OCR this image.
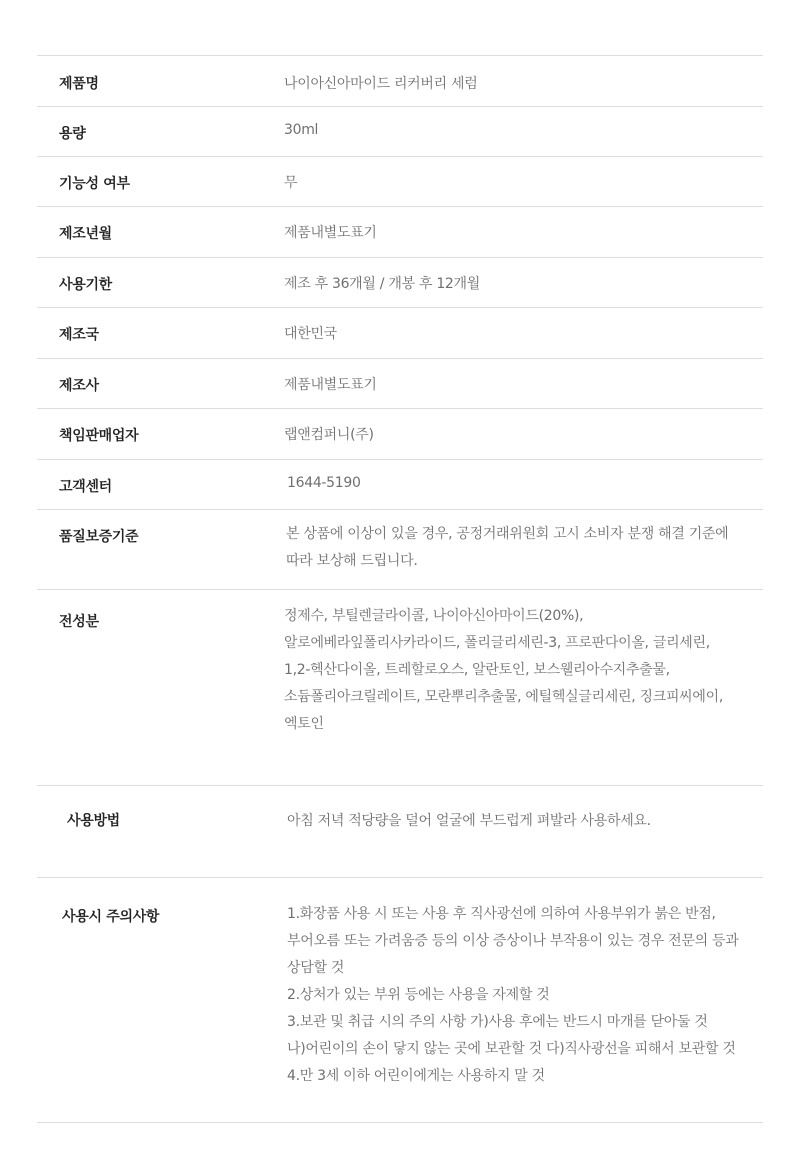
제품명	나이아신아마이드 리커버리 세럼
용량	30ml
기능성 여부	무
제조년월	제품내별도표기
사용기한	제조 후 36개월 / 개봉 후 12개월
제조국	대한민국
제조사	제품내별도표기
책임판매업자	랩앤컴퍼니(주)
고객센터	1644-5190
품질보증기준	본 상품에 이상이 있을 경우, 공정거래위원회 고시 소비자 분쟁 해결 기준에
따라 보상해 드립니다.
전성분	정제수, 부틸렌글라이콜, 나이아신아마이드(20%),
알로에베라잎폴리사카라이드, 폴리글리세린-3, 프로판다이올, 글리세린,
1,2-헥산다이올, 트레할로오스, 알란토인, 보스웰리아수지추출물,
소듐폴리아크릴레이트, 모란뿌리추출물, 에틸헥실글리세린, 징크피씨에이,
엑토인
사용방법	아침 저녁 적당량을 덜어 얼굴에 부드럽게 펴발라 사용하세요.
사용시 주의사항	1.화장품 사용 시 또는 사용 후 직사광선에 의하여 사용부위가 붉은 반점,
부어오름 또는 가려움증 등의 이상 증상이나 부작용이 있는 경우 전문의 등과
상담할 것
2.상처가 있는 부위 등에는 사용을 자제할 것
3.보관 및 취급 시의 주의 사항 가)사용 후에는 반드시 마개를 닫아둘 것
나)어린이의 손이 닿지 않는 곳에 보관할 것 다)직사광선을 피해서 보관할 것
4.만 3세 이하 어린이에게는 사용하지 말 것
